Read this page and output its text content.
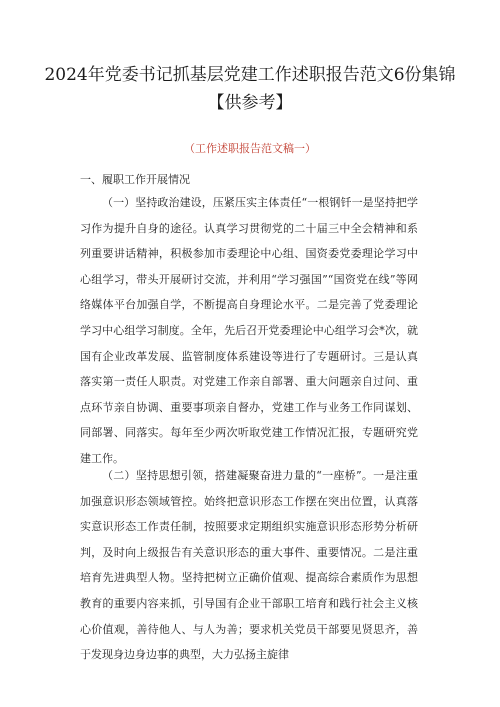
2024年党委书记抓基层党建工作述职报告范文6份集锦
【供参考】
（工作述职报告范文稿一）
一、履职工作开展情况

（一）坚持政治建设，压紧压实主体责任“一根钢钎一是坚持把学习作为提升自身的途径。认真学习贯彻党的二十届三中全会精神和系列重要讲话精神，积极参加市委理论中心组、国资委党委理论学习中心组学习，带头开展研讨交流，并利用“学习强国”“国资党在线”等网络媒体平台加强自学，不断提高自身理论水平。二是完善了党委理论学习中心组学习制度。全年，先后召开党委理论中心组学习会*次，就国有企业改革发展、监管制度体系建设等进行了专题研讨。三是认真落实第一责任人职责。对党建工作亲自部署、重大问题亲自过问、重点环节亲自协调、重要事项亲自督办，党建工作与业务工作同谋划、同部署、同落实。每年至少两次听取党建工作情况汇报，专题研究党建工作。

（二）坚持思想引领，搭建凝聚奋进力量的“一座桥”。一是注重加强意识形态领域管控。始终把意识形态工作摆在突出位置，认真落实意识形态工作责任制，按照要求定期组织实施意识形态形势分析研判，及时向上级报告有关意识形态的重大事件、重要情况。二是注重培育先进典型人物。坚持把树立正确价值观、提高综合素质作为思想教育的重要内容来抓，引导国有企业干部职工培育和践行社会主义核心价值观，善待他人、与人为善；要求机关党员干部要见贤思齐，善于发现身边身边事的典型，大力弘扬主旋律
